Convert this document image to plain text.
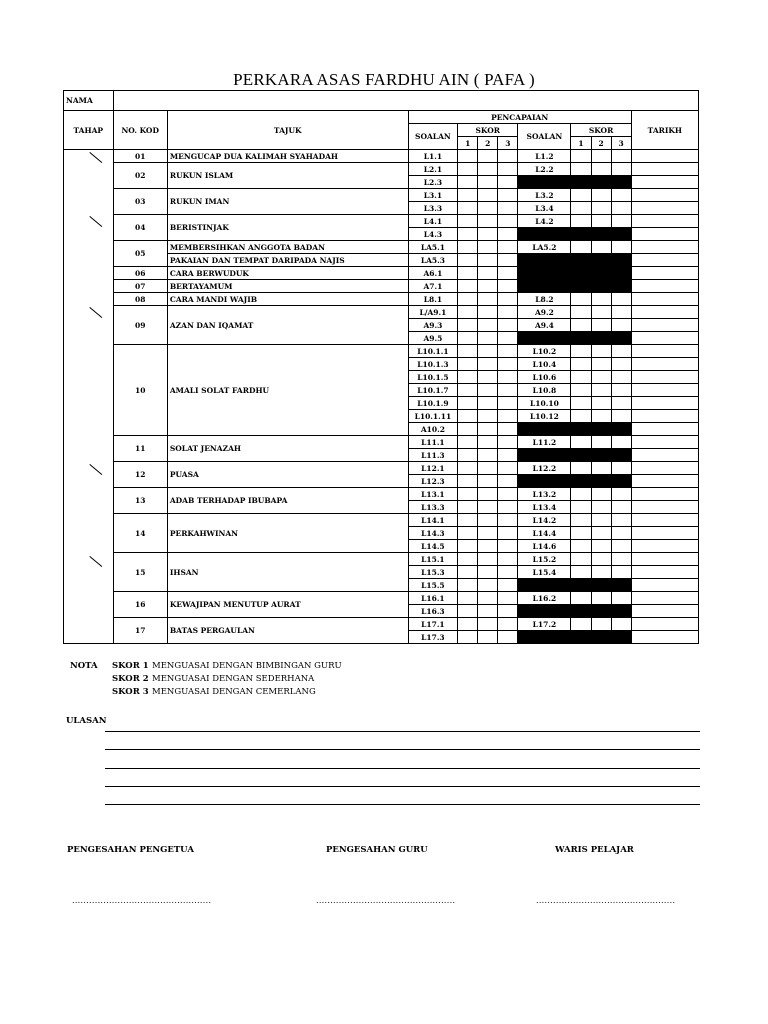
PERKARA ASAS FARDHU AIN ( PAFA )
NAMA											
TAHAP	NO. KOD	TAJUK	PENCAPAIAN								TARIKH
			SOALAN	SKOR			SOALAN	SKOR			
				1	2	3		1	2	3	
	01	MENGUCAP DUA KALIMAH SYAHADAH	L1.1				L1.2				
	02	RUKUN ISLAM	L2.1				L2.2				
			L2.3								
	03	RUKUN IMAN	L3.1				L3.2				
			L3.3				L3.4				
	04	BERISTINJAK	L4.1				L4.2				
			L4.3								
	05	MEMBERSIHKAN ANGGOTA BADAN	LA5.1				LA5.2				
		PAKAIAN DAN TEMPAT DARIPADA NAJIS	LA5.3								
	06	CARA BERWUDUK	A6.1								
	07	BERTAYAMUM	A7.1								
	08	CARA MANDI WAJIB	L8.1				L8.2				
	09	AZAN DAN IQAMAT	L/A9.1				A9.2				
			A9.3				A9.4				
			A9.5								
	10	AMALI SOLAT FARDHU	L10.1.1				L10.2				
			L10.1.3				L10.4				
			L10.1.5				L10.6				
			L10.1.7				L10.8				
			L10.1.9				L10.10				
			L10.1.11				L10.12				
			A10.2								
	11	SOLAT JENAZAH	L11.1				L11.2				
			L11.3								
	12	PUASA	L12.1				L12.2				
			L12.3								
	13	ADAB TERHADAP IBUBAPA	L13.1				L13.2				
			L13.3				L13.4				
	14	PERKAHWINAN	L14.1				L14.2				
			L14.3				L14.4				
			L14.5				L14.6				
	15	IHSAN	L15.1				L15.2				
			L15.3				L15.4				
			L15.5								
	16	KEWAJIPAN MENUTUP AURAT	L16.1				L16.2				
			L16.3								
	17	BATAS PERGAULAN	L17.1				L17.2				
			L17.3								
NOTA SKOR 1 MENGUASAI DENGAN BIMBINGAN GURU
SKOR 2 MENGUASAI DENGAN SEDERHANA
SKOR 3 MENGUASAI DENGAN CEMERLANG
ULASAN
PENGESAHAN PENGETUA	PENGESAHAN GURU	WARIS PELAJAR
.................................................	.................................................	.................................................
